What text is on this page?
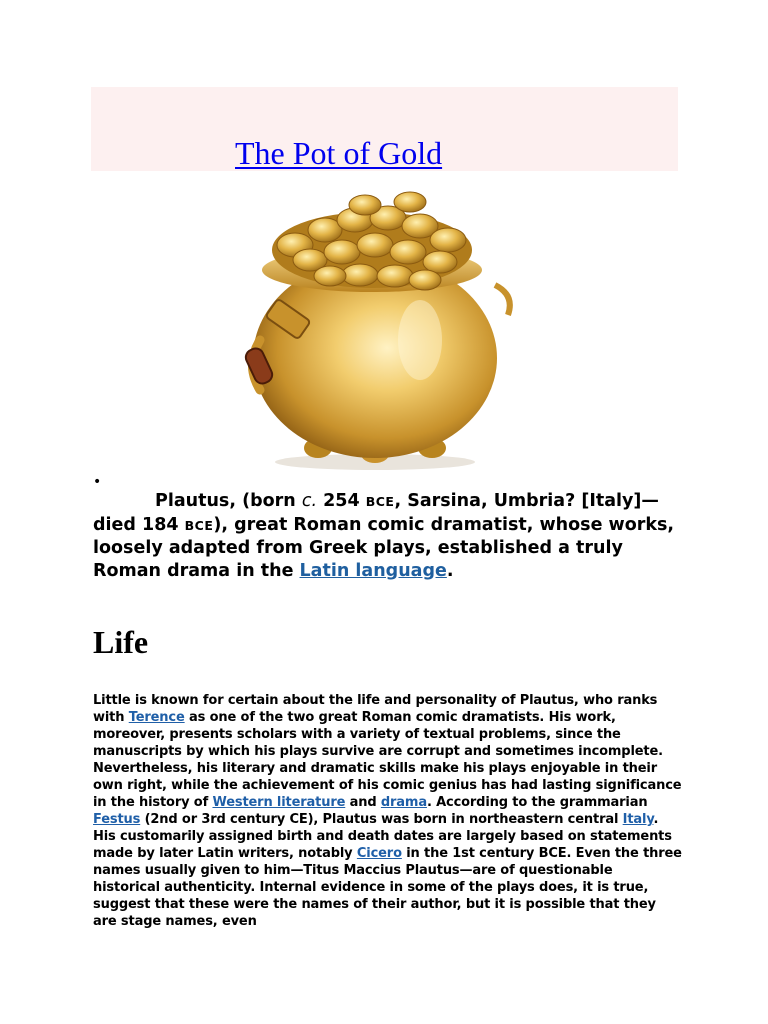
The Pot of Gold
•

Plautus, (born c. 254 BCE, Sarsina, Umbria? [Italy]— died 184 BCE), great Roman comic dramatist, whose works, loosely adapted from Greek plays, established a truly Roman drama in the Latin language.

Life

Little is known for certain about the life and personality of Plautus, who ranks with Terence as one of the two great Roman comic dramatists. His work, moreover, presents scholars with a variety of textual problems, since the manuscripts by which his plays survive are corrupt and sometimes incomplete. Nevertheless, his literary and dramatic skills make his plays enjoyable in their own right, while the achievement of his comic genius has had lasting significance in the history of Western literature and drama. According to the grammarian Festus (2nd or 3rd century CE), Plautus was born in northeastern central Italy. His customarily assigned birth and death dates are largely based on statements made by later Latin writers, notably Cicero in the 1st century BCE. Even the three names usually given to him—Titus Maccius Plautus—are of questionable historical authenticity. Internal evidence in some of the plays does, it is true, suggest that these were the names of their author, but it is possible that they are stage names, even
